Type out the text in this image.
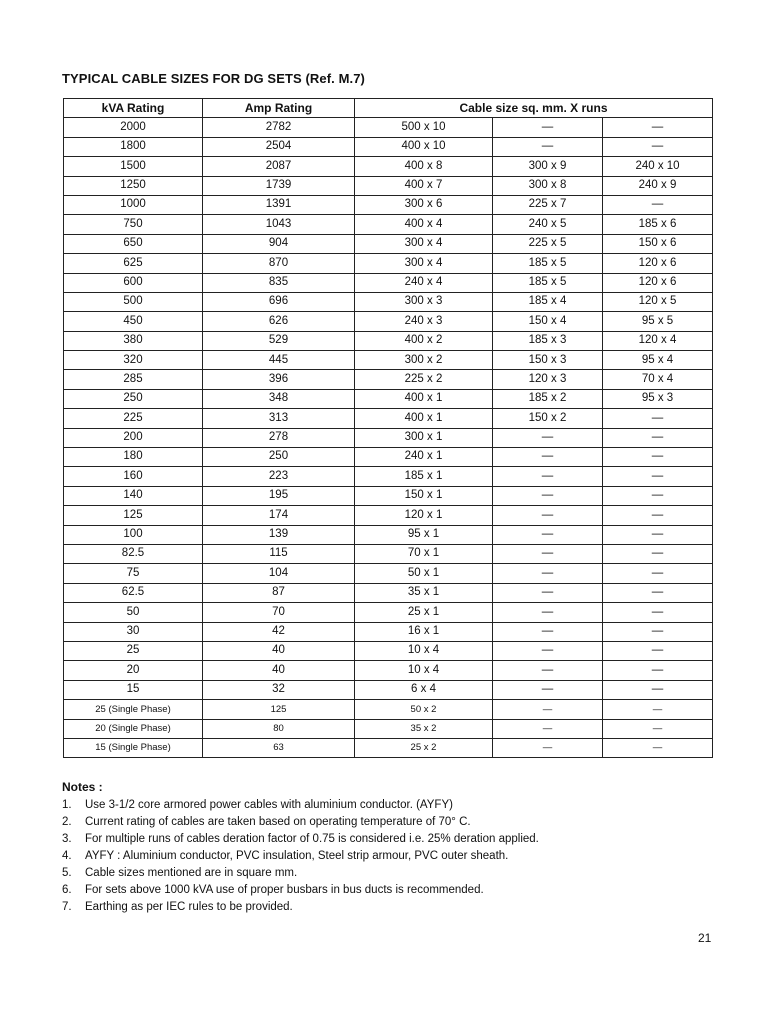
TYPICAL CABLE SIZES FOR DG SETS (Ref. M.7)
kVA Rating	Amp Rating	Cable size sq. mm. X runs		
2000	2782	500 x 10	—	—
1800	2504	400 x 10	—	—
1500	2087	400 x 8	300 x 9	240 x 10
1250	1739	400 x 7	300 x 8	240 x 9
1000	1391	300 x 6	225 x 7	—
750	1043	400 x 4	240 x 5	185 x 6
650	904	300 x 4	225 x 5	150 x 6
625	870	300 x 4	185 x 5	120 x 6
600	835	240 x 4	185 x 5	120 x 6
500	696	300 x 3	185 x 4	120 x 5
450	626	240 x 3	150 x 4	95 x 5
380	529	400 x 2	185 x 3	120 x 4
320	445	300 x 2	150 x 3	95 x 4
285	396	225 x 2	120 x 3	70 x 4
250	348	400 x 1	185 x 2	95 x 3
225	313	400 x 1	150 x 2	—
200	278	300 x 1	—	—
180	250	240 x 1	—	—
160	223	185 x 1	—	—
140	195	150 x 1	—	—
125	174	120 x 1	—	—
100	139	95 x 1	—	—
82.5	115	70 x 1	—	—
75	104	50 x 1	—	—
62.5	87	35 x 1	—	—
50	70	25 x 1	—	—
30	42	16 x 1	—	—
25	40	10 x 4	—	—
20	40	10 x 4	—	—
15	32	6 x 4	—	—
25 (Single Phase)	125	50 x 2	—	—
20 (Single Phase)	80	35 x 2	—	—
15 (Single Phase)	63	25 x 2	—	—
Notes :
1.	Use 3-1/2 core armored power cables with aluminium conductor. (AYFY)
2.	Current rating of cables are taken based on operating temperature of 70° C.
3.	For multiple runs of cables deration factor of 0.75 is considered i.e. 25% deration applied.
4.	AYFY : Aluminium conductor, PVC insulation, Steel strip armour, PVC outer sheath.
5.	Cable sizes mentioned are in square mm.
6.	For sets above 1000 kVA use of proper busbars in bus ducts is recommended.
7.	Earthing as per IEC rules to be provided.
21
